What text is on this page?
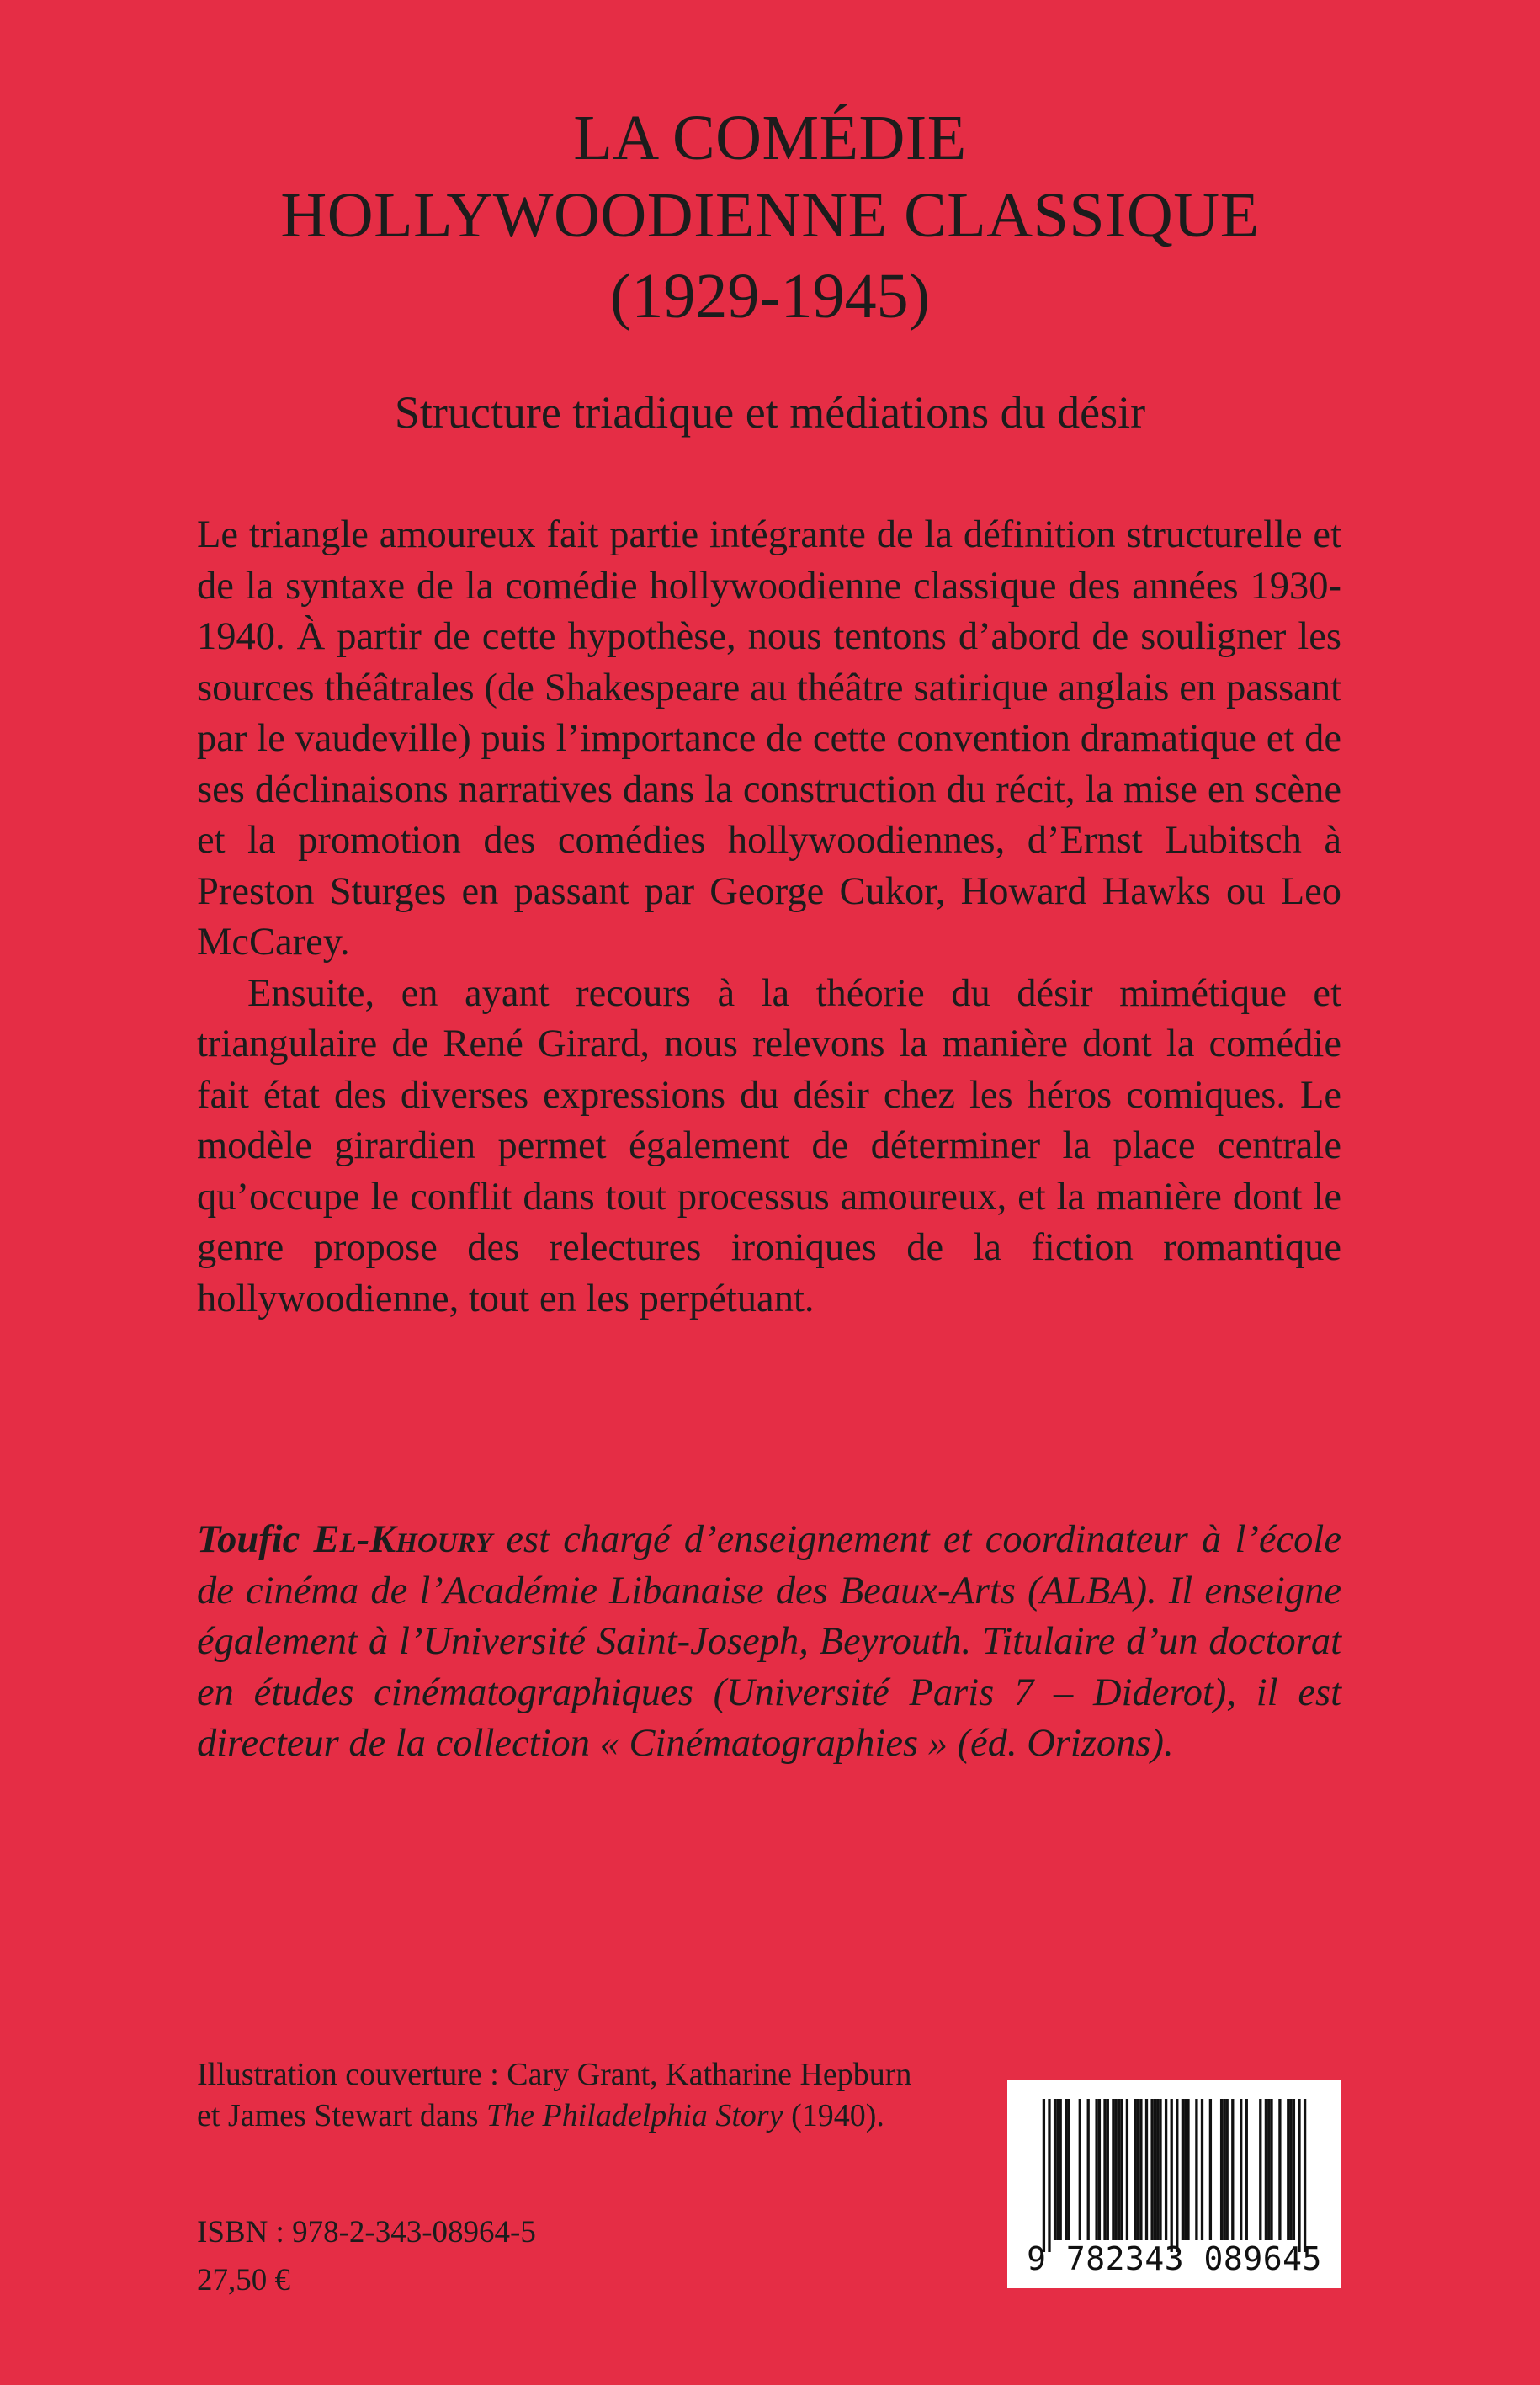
LA COMÉDIE
HOLLYWOODIENNE CLASSIQUE
(1929-1945)
Structure triadique et médiations du désir

Le triangle amoureux fait partie intégrante de la définition structurelle et de la syntaxe de la comédie hollywoodienne classique des années 1930-1940. À partir de cette hypothèse, nous tentons d’abord de souligner les sources théâtrales (de Shakespeare au théâtre satirique anglais en passant par le vaudeville) puis l’importance de cette convention dramatique et de ses déclinaisons narratives dans la construction du récit, la mise en scène et la promotion des comédies hollywoodiennes, d’Ernst Lubitsch à Preston Sturges en passant par George Cukor, Howard Hawks ou Leo McCarey.

Ensuite, en ayant recours à la théorie du désir mimétique et triangulaire de René Girard, nous relevons la manière dont la comédie fait état des diverses expressions du désir chez les héros comiques. Le modèle girardien permet également de déterminer la place centrale qu’occupe le conflit dans tout processus amoureux, et la manière dont le genre propose des relectures ironiques de la fiction romantique hollywoodienne, tout en les perpétuant.

Toufic El-Khoury est chargé d’enseignement et coordinateur à l’école de cinéma de l’Académie Libanaise des Beaux-Arts (ALBA). Il enseigne également à l’Université Saint-Joseph, Beyrouth. Titulaire d’un doctorat en études cinématographiques (Université Paris 7 – Diderot), il est directeur de la collection « Cinématographies » (éd. Orizons).
Illustration couverture : Cary Grant, Katharine Hepburn et James Stewart dans The Philadelphia Story (1940).
ISBN : 978-2-343-08964-5
27,50 €
9 782343 089645
